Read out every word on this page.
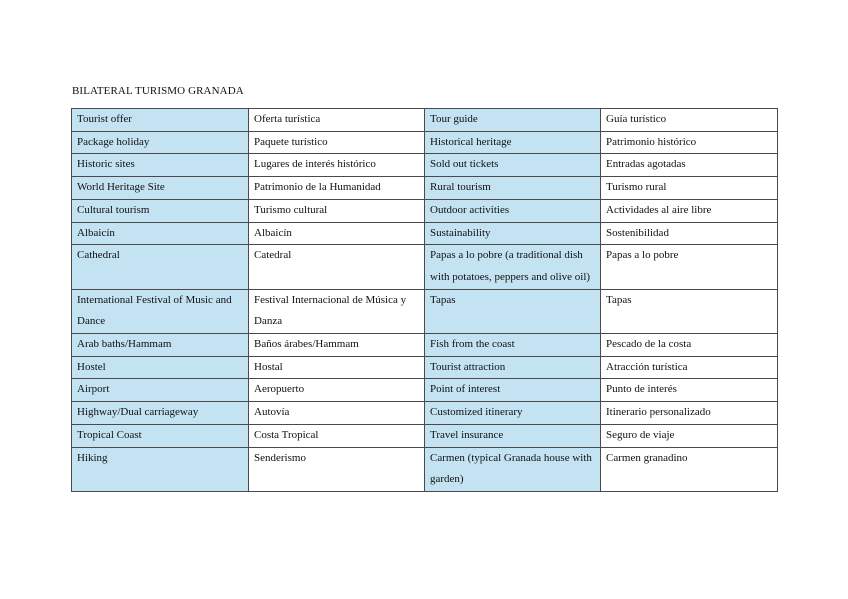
BILATERAL TURISMO GRANADA
Tourist offer	Oferta turística	Tour guide	Guía turístico
Package holiday	Paquete turístico	Historical heritage	Patrimonio histórico
Historic sites	Lugares de interés histórico	Sold out tickets	Entradas agotadas
World Heritage Site	Patrimonio de la Humanidad	Rural tourism	Turismo rural
Cultural tourism	Turismo cultural	Outdoor activities	Actividades al aire libre
Albaicín	Albaicín	Sustainability	Sostenibilidad
Cathedral	Catedral	Papas a lo pobre (a traditional dish with potatoes, peppers and olive oil)	Papas a lo pobre
International Festival of Music and Dance	Festival Internacional de Música y Danza	Tapas	Tapas
Arab baths/Hammam	Baños árabes/Hammam	Fish from the coast	Pescado de la costa
Hostel	Hostal	Tourist attraction	Atracción turística
Airport	Aeropuerto	Point of interest	Punto de interés
Highway/Dual carriageway	Autovía	Customized itinerary	Itinerario personalizado
Tropical Coast	Costa Tropical	Travel insurance	Seguro de viaje
Hiking	Senderismo	Carmen (typical Granada house with garden)	Carmen granadino
